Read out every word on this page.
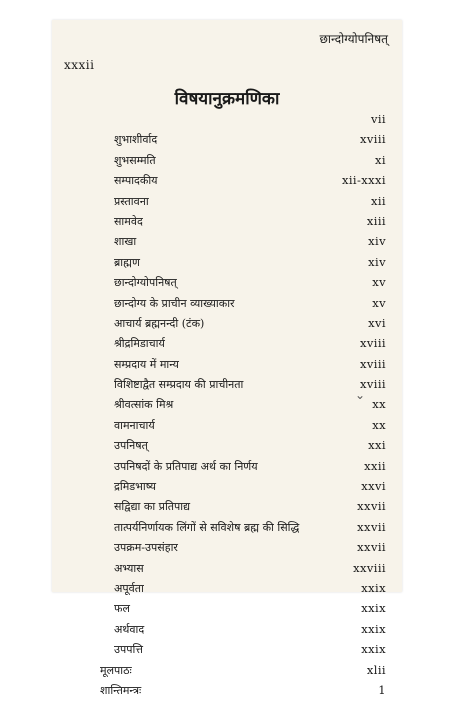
छान्दोग्योपनिषत्
xxxii
विषयानुक्रमणिका
vii
शुभाशीर्वाद	xviii
शुभसम्मति	xi
सम्पादकीय	xii-xxxi
प्रस्तावना	xii
सामवेद	xiii
शाखा	xiv
ब्राह्मण	xiv
छान्दोग्योपनिषत्	xv
छान्दोग्य के प्राचीन व्याख्याकार	xv
आचार्य ब्रह्मनन्दी (टंक)	xvi
श्रीद्रमिडाचार्य	xviii
सम्प्रदाय में मान्य	xviii
विशिष्टाद्वैत सम्प्रदाय की प्राचीनता	xviii
श्रीवत्सांक मिश्र	xx
वामनाचार्य	xx
उपनिषत्	xxi
उपनिषदों के प्रतिपाद्य अर्थ का निर्णय	xxii
द्रमिडभाष्य	xxvi
सद्विद्या का प्रतिपाद्य	xxvii
तात्पर्यनिर्णायक लिंगों से सविशेष ब्रह्म की सिद्धि	xxvii
उपक्रम-उपसंहार	xxvii
अभ्यास	xxviii
अपूर्वता	xxix
फल	xxix
अर्थवाद	xxix
उपपत्ति	xxix
मूलपाठः	xlii
शान्तिमन्त्रः	1
⌄
